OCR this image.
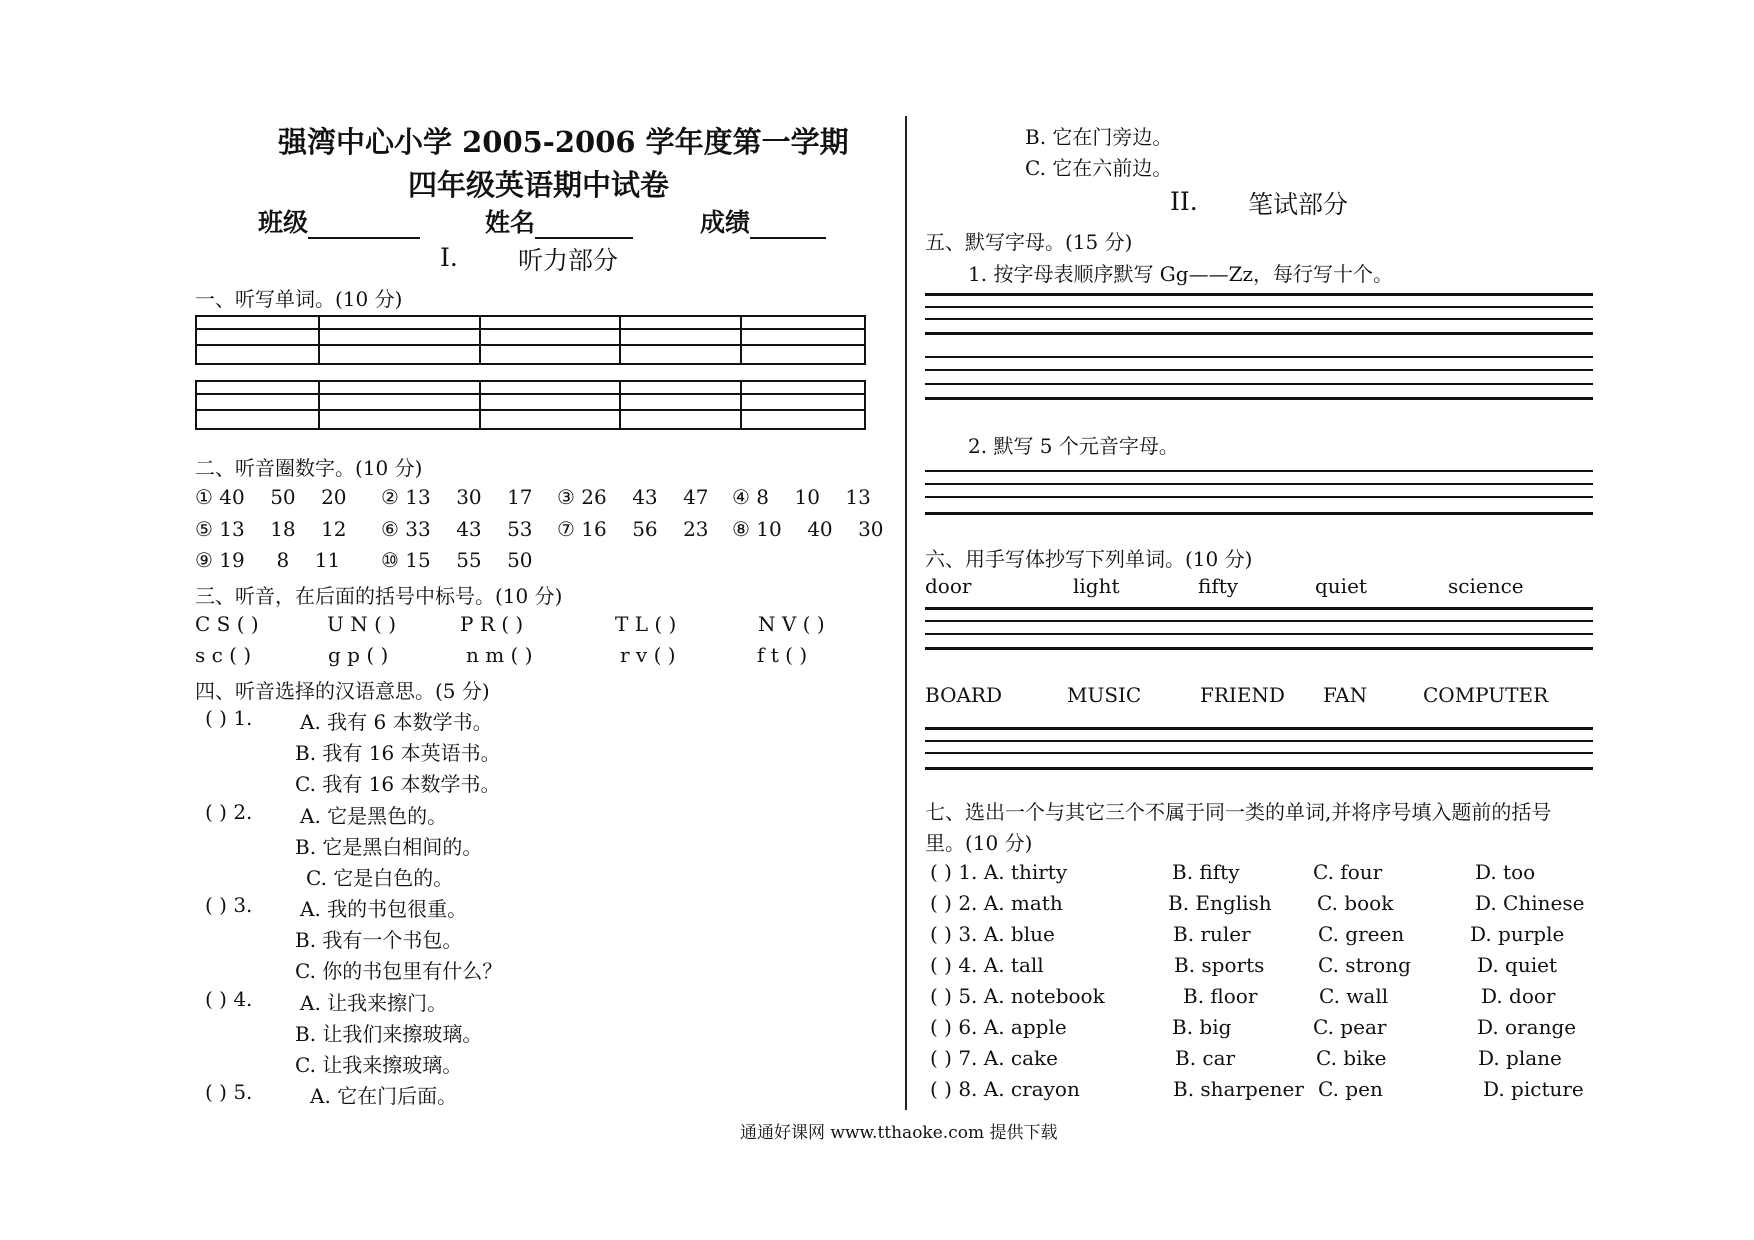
强湾中心小学 2005-2006 学年度第一学期
四年级英语期中试卷
班级	姓名	成绩
I. 听力部分
一、听写单词。(10 分)
二、听音圈数字。(10 分)
① 40 50 20 ② 13 30 17 ③ 26 43 47 ④ 8 10 13
⑤ 13 18 12 ⑥ 33 43 53 ⑦ 16 56 23 ⑧ 10 40 30
⑨ 19 8 11 ⑩ 15 55 50
三、听音，在后面的括号中标号。(10 分)
C S ( )	U N ( )	P R ( )	T L ( )	N V ( )
s c ( )	g p ( )	n m ( )	r v ( )	f t ( )
四、听音选择的汉语意思。(5 分)
( ) 1. A. 我有 6 本数学书。
B. 我有 16 本英语书。
C. 我有 16 本数学书。
( ) 2. A. 它是黑色的。
B. 它是黑白相间的。
C. 它是白色的。
( ) 3. A. 我的书包很重。
B. 我有一个书包。
C. 你的书包里有什么？
( ) 4. A. 让我来擦门。
B. 让我们来擦玻璃。
C. 让我来擦玻璃。
( ) 5.	A. 它在门后面。
B. 它在门旁边。
C. 它在六前边。
II. 笔试部分
五、默写字母。(15 分)
1. 按字母表顺序默写 Gg——Zz，每行写十个。
2. 默写 5 个元音字母。
六、用手写体抄写下列单词。(10 分)
door	light	fifty	quiet	science
BOARD	MUSIC	FRIEND FAN	COMPUTER
七、选出一个与其它三个不属于同一类的单词,并将序号填入题前的括号
里。(10 分)
( ) 1. A. thirty	B. fifty	C. four	D. too
( ) 2. A. math	B. English C. book	D. Chinese
( ) 3. A. blue	B. ruler	C. green	D. purple
( ) 4. A. tall	B. sports	C. strong	D. quiet
( ) 5. A. notebook	B. floor	C. wall	D. door
( ) 6. A. apple	B. big	C. pear	D. orange
( ) 7. A. cake	B. car	C. bike	D. plane
( ) 8. A. crayon	B. sharpener C. pen	D. picture
通通好课网 www.tthaoke.com 提供下载
